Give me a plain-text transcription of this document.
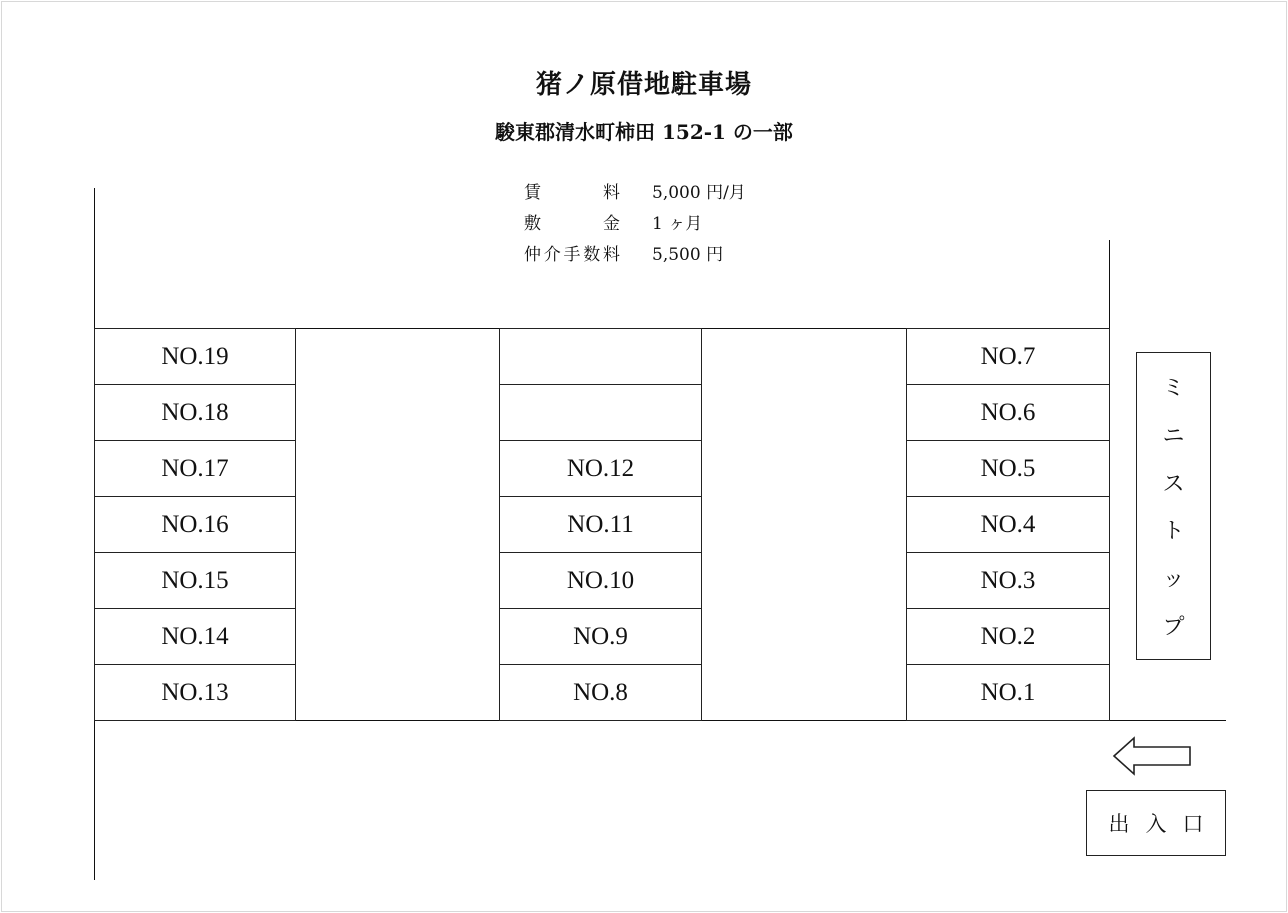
猪ノ原借地駐車場
駿東郡清水町柿田 152-1 の一部
賃料 5,000 円/月
敷金 1 ヶ月
仲介手数料 5,500 円
NO.19
NO.18
NO.17
NO.16
NO.15
NO.14
NO.13
NO.12
NO.11
NO.10
NO.9
NO.8
NO.7
NO.6
NO.5
NO.4
NO.3
NO.2
NO.1
ミ
ニ
ス
ト
ッ
プ
出入口
